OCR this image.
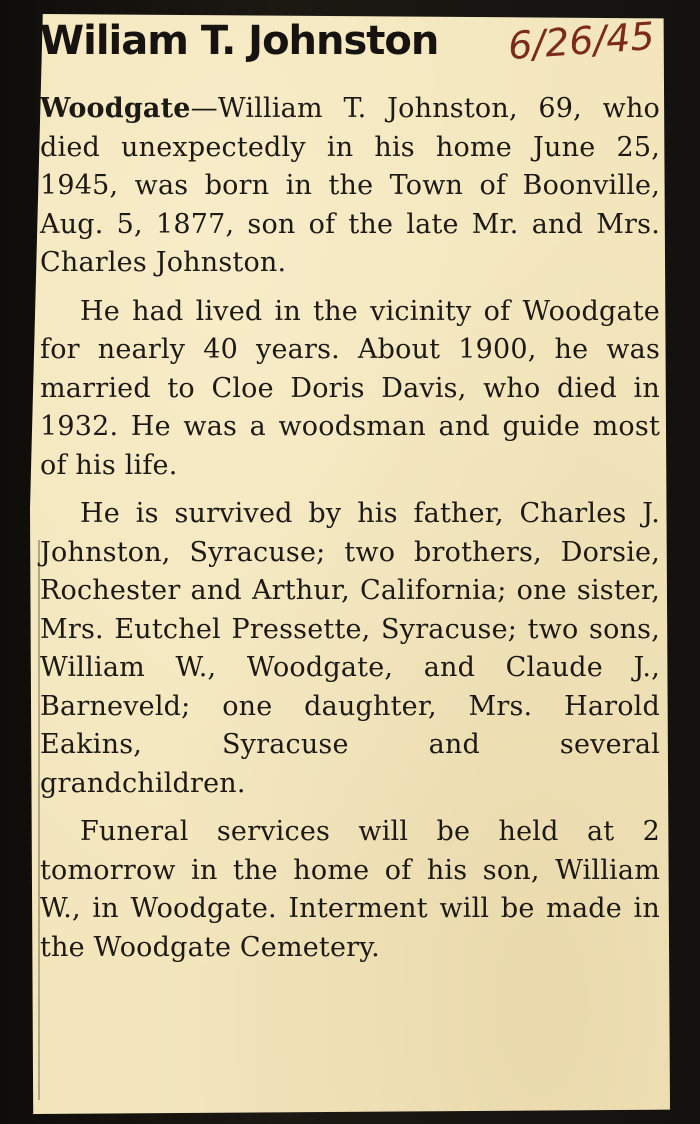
Wiliam T. Johnston 6/26/45

Woodgate—William T. Johnston, 69, who died unexpectedly in his home June 25, 1945, was born in the Town of Boonville, Aug. 5, 1877, son of the late Mr. and Mrs. Charles Johnston.

He had lived in the vicinity of Woodgate for nearly 40 years. About 1900, he was married to Cloe Doris Davis, who died in 1932. He was a woodsman and guide most of his life.

He is survived by his father, Charles J. Johnston, Syracuse; two brothers, Dorsie, Rochester and Arthur, California; one sister, Mrs. Eutchel Pressette, Syracuse; two sons, William W., Woodgate, and Claude J., Barneveld; one daughter, Mrs. Harold Eakins, Syracuse and several grandchildren.

Funeral services will be held at 2 tomorrow in the home of his son, William W., in Woodgate. Interment will be made in the Woodgate Cemetery.
